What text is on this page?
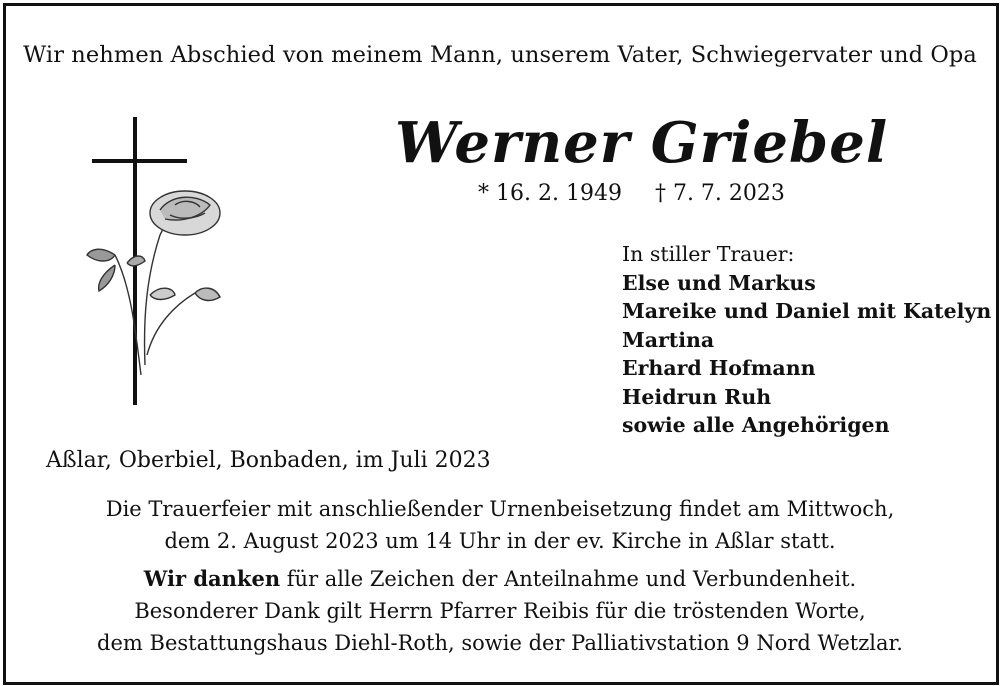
Wir nehmen Abschied von meinem Mann, unserem Vater, Schwiegervater und Opa
Werner Griebel
* 16. 2. 1949 † 7. 7. 2023
In stiller Trauer:
Else und Markus
Mareike und Daniel mit Katelyn
Martina
Erhard Hofmann
Heidrun Ruh
sowie alle Angehörigen
Aßlar, Oberbiel, Bonbaden, im Juli 2023
Die Trauerfeier mit anschließender Urnenbeisetzung findet am Mittwoch,
dem 2. August 2023 um 14 Uhr in der ev. Kirche in Aßlar statt.
Wir danken für alle Zeichen der Anteilnahme und Verbundenheit.
Besonderer Dank gilt Herrn Pfarrer Reibis für die tröstenden Worte,
dem Bestattungshaus Diehl-Roth, sowie der Palliativstation 9 Nord Wetzlar.
